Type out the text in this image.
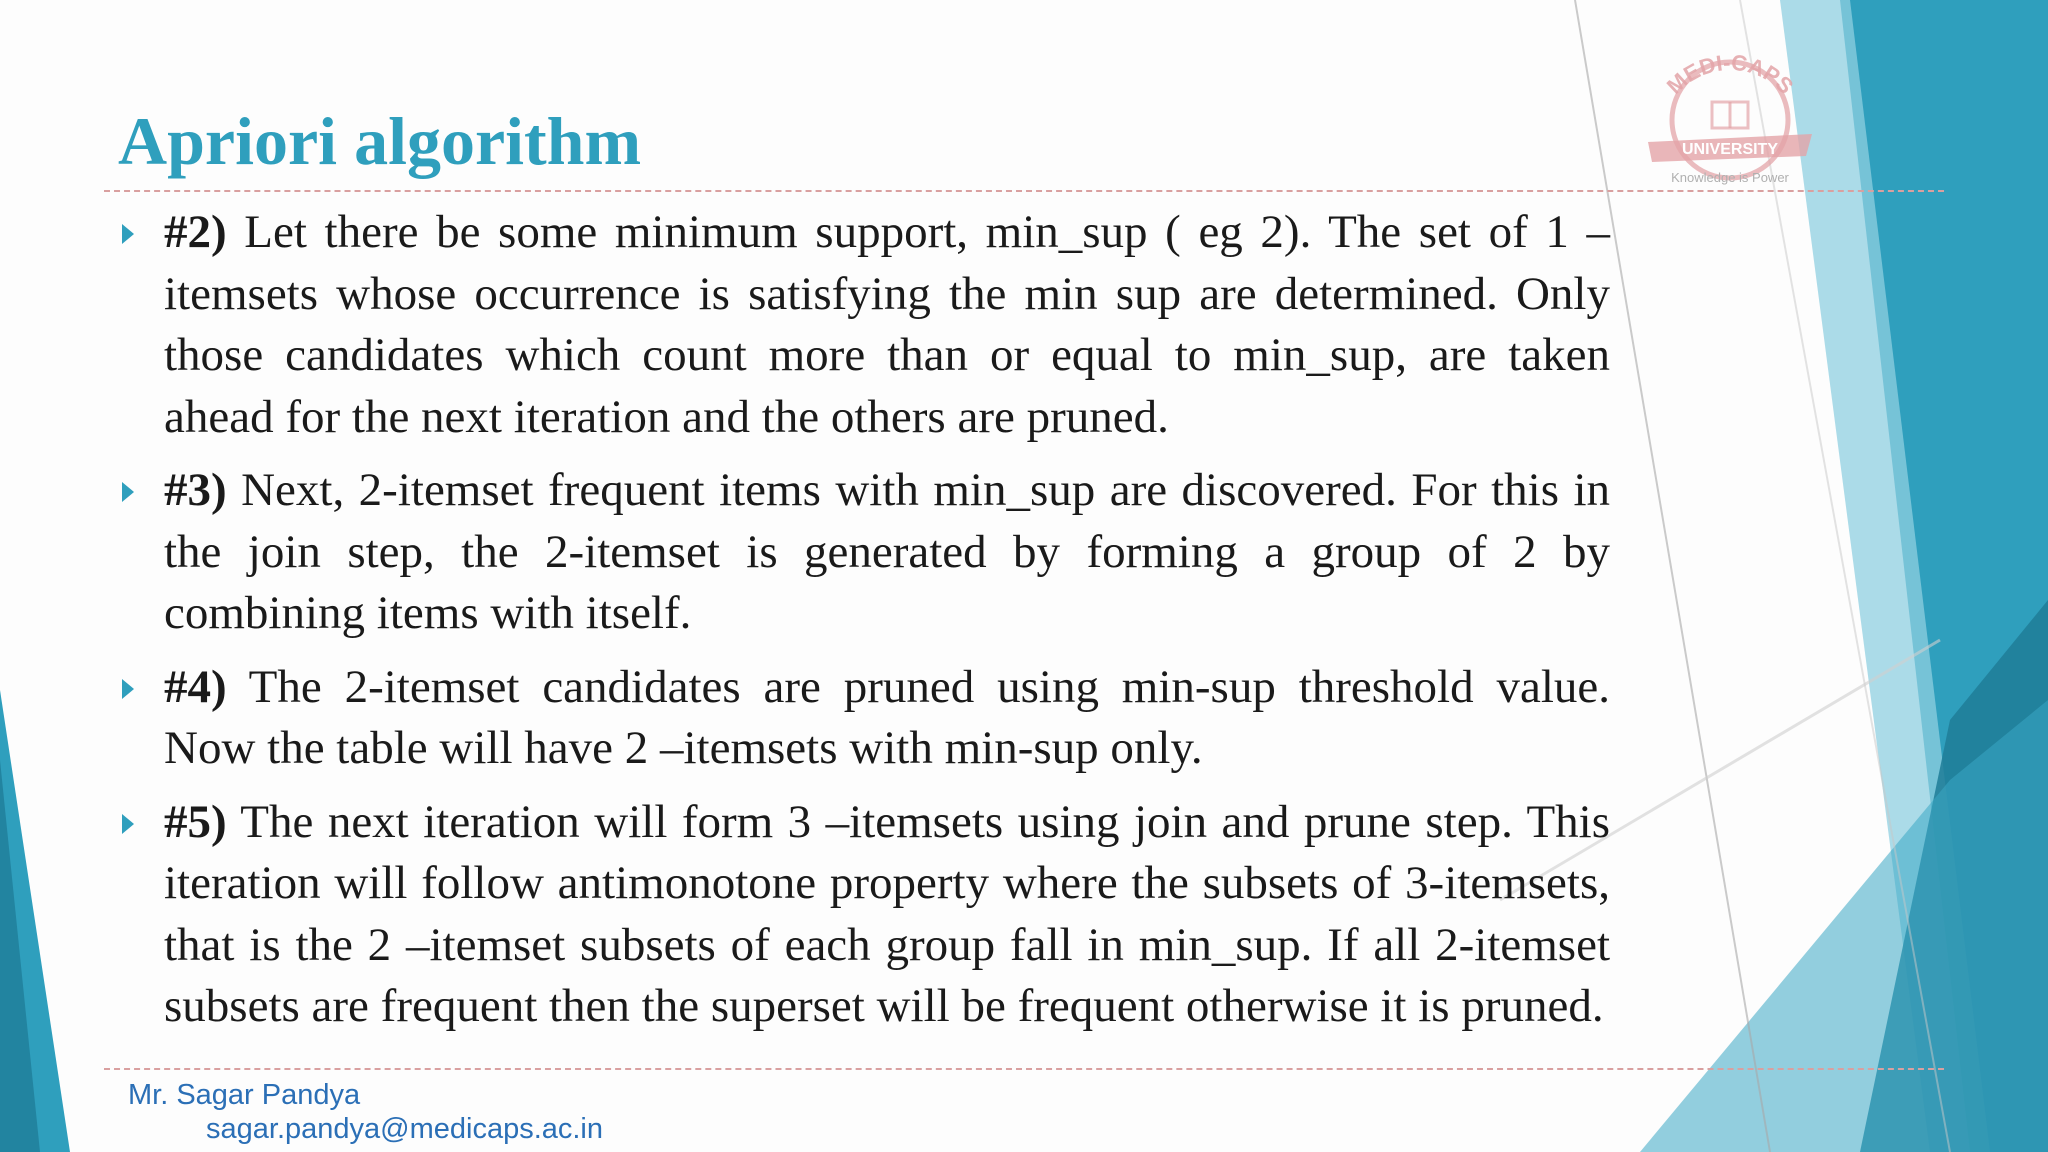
MEDI-CAPS
UNIVERSITY
Knowledge is Power
Apriori algorithm
#2) Let there be some minimum support, min_sup ( eg 2). The set of 1 – itemsets whose occurrence is satisfying the min sup are determined. Only those candidates which count more than or equal to min_sup, are taken ahead for the next iteration and the others are pruned.
#3) Next, 2-itemset frequent items with min_sup are discovered. For this in the join step, the 2-itemset is generated by forming a group of 2 by combining items with itself.
#4) The 2-itemset candidates are pruned using min-sup threshold value. Now the table will have 2 –itemsets with min-sup only.
#5) The next iteration will form 3 –itemsets using join and prune step. This iteration will follow antimonotone property where the subsets of 3-itemsets, that is the 2 –itemset subsets of each group fall in min_sup. If all 2-itemset subsets are frequent then the superset will be frequent otherwise it is pruned.
Mr. Sagar Pandya
sagar.pandya@medicaps.ac.in
